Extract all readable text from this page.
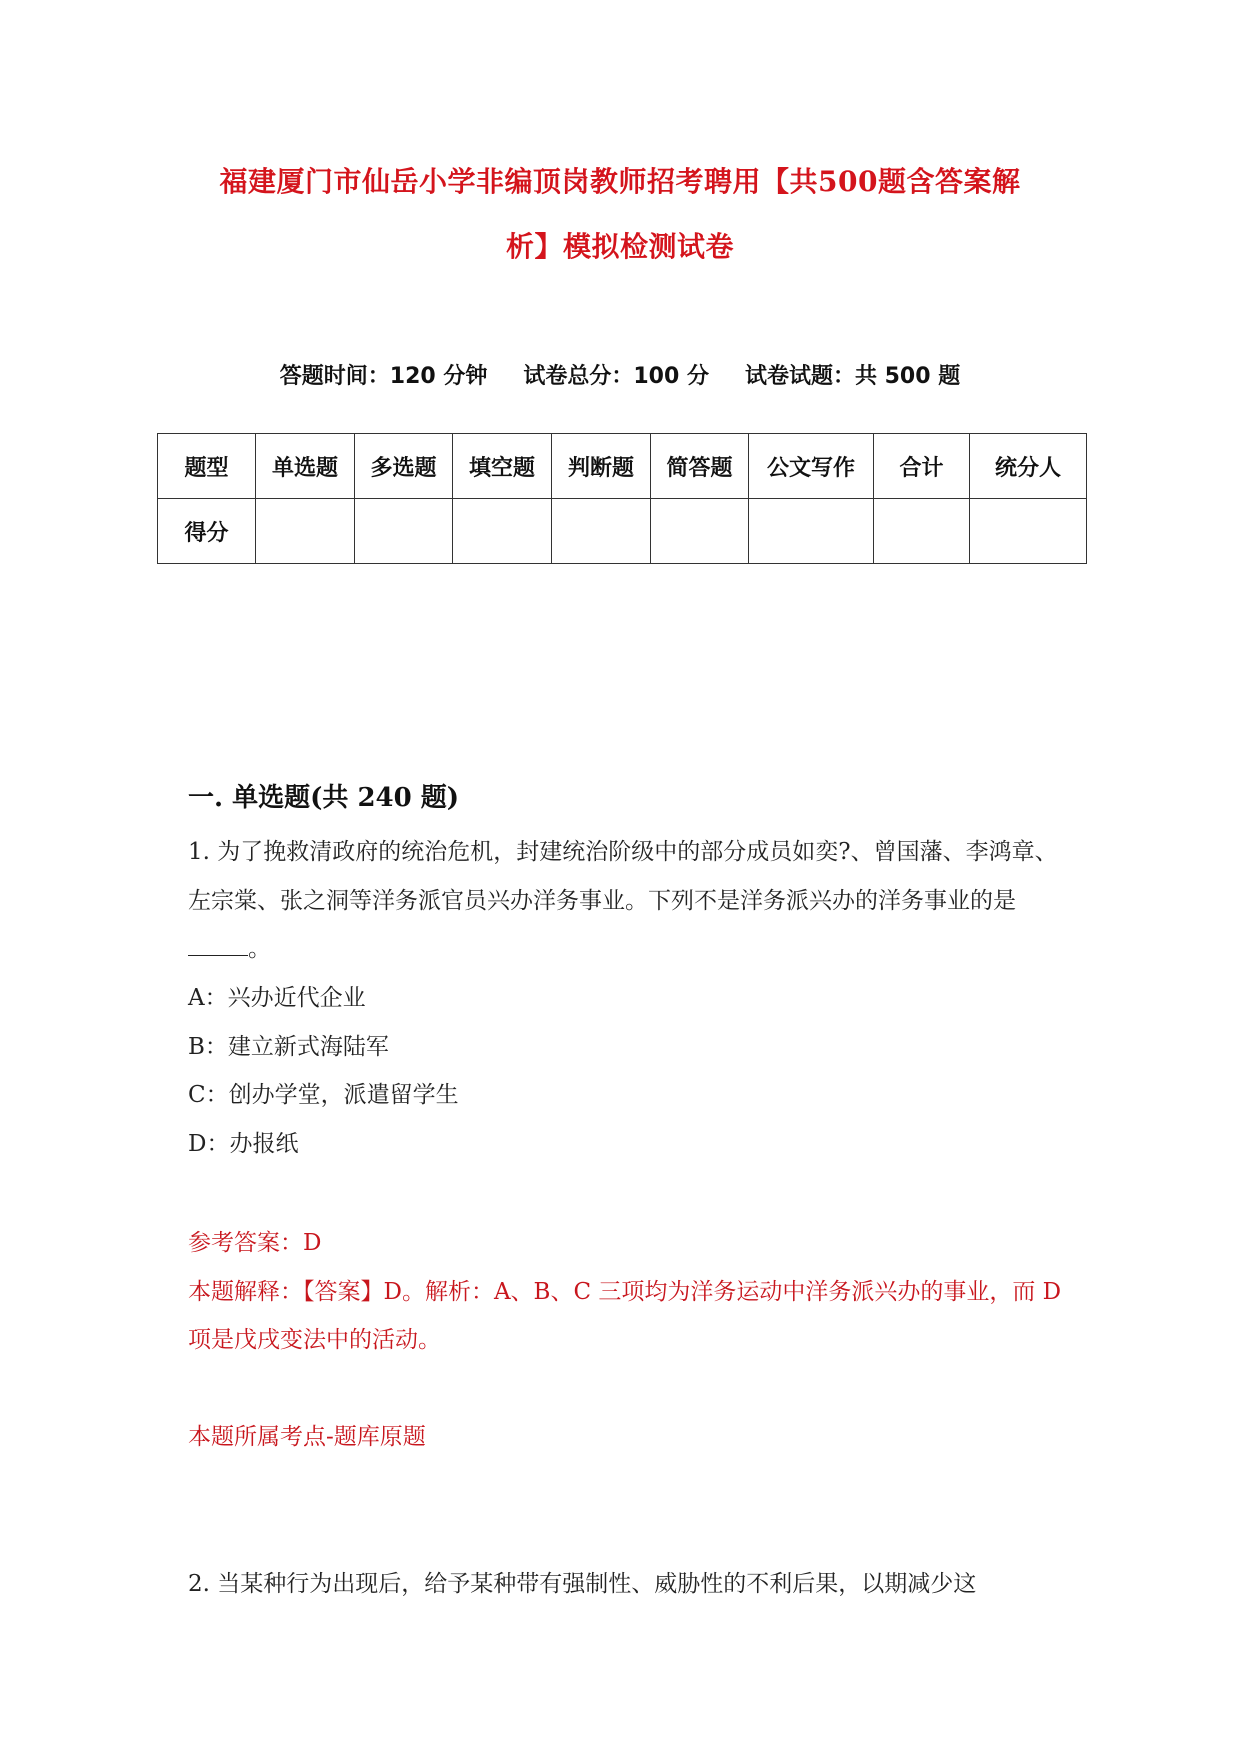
福建厦门市仙岳小学非编顶岗教师招考聘用【共500题含答案解
析】模拟检测试卷
答题时间：120 分钟 试卷总分：100 分 试卷试题：共 500 题
题型	单选题	多选题	填空题	判断题	简答题	公文写作	合计	统分人
得分								
一. 单选题(共 240 题)
1. 为了挽救清政府的统治危机，封建统治阶级中的部分成员如奕?、曾国藩、李鸿章、左宗棠、张之洞等洋务派官员兴办洋务事业。下列不是洋务派兴办的洋务事业的是。
A：兴办近代企业
B：建立新式海陆军
C：创办学堂，派遣留学生
D：办报纸
参考答案：D
本题解释：【答案】D。解析：A、B、C 三项均为洋务运动中洋务派兴办的事业，而 D 项是戊戌变法中的活动。
本题所属考点-题库原题
2. 当某种行为出现后，给予某种带有强制性、威胁性的不利后果，以期减少这
